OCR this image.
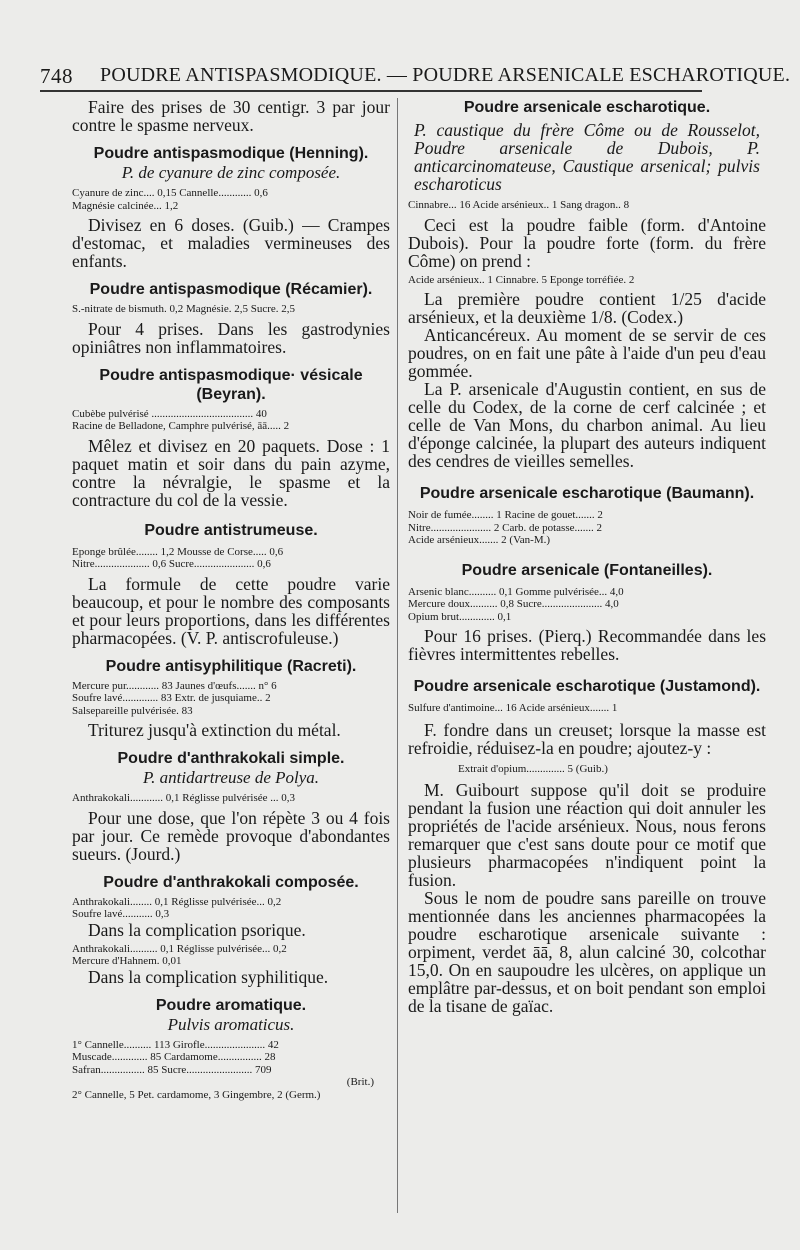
748 POUDRE ANTISPASMODIQUE. — POUDRE ARSENICALE ESCHAROTIQUE.

Faire des prises de 30 centigr. 3 par jour contre le spasme nerveux.

Poudre antispasmodique (Henning).

P. de cyanure de zinc composée.

Cyanure de zinc.... 0,15 Cannelle............ 0,6
Magnésie calcinée... 1,2

Divisez en 6 doses. (Guib.) — Crampes d'estomac, et maladies vermineuses des enfants.

Poudre antispasmodique (Récamier).

S.-nitrate de bismuth. 0,2 Magnésie. 2,5 Sucre. 2,5

Pour 4 prises. Dans les gastrodynies opiniâtres non inflammatoires.

Poudre antispasmodique· vésicale (Beyran).

Cubèbe pulvérisé ..................................... 40
Racine de Belladone, Camphre pulvérisé, āā..... 2

Mêlez et divisez en 20 paquets. Dose : 1 paquet matin et soir dans du pain azyme, contre la névralgie, le spasme et la contracture du col de la vessie.

Poudre antistrumeuse.

Eponge brûlée........ 1,2 Mousse de Corse..... 0,6
Nitre.................... 0,6 Sucre...................... 0,6

La formule de cette poudre varie beaucoup, et pour le nombre des composants et pour leurs proportions, dans les différentes pharmacopées. (V. P. antiscrofuleuse.)

Poudre antisyphilitique (Racreti).

Mercure pur............ 83 Jaunes d'œufs....... n° 6
Soufre lavé............. 83 Extr. de jusquiame.. 2
Salsepareille pulvérisée. 83

Triturez jusqu'à extinction du métal.

Poudre d'anthrakokali simple.

P. antidartreuse de Polya.

Anthrakokali............ 0,1 Réglisse pulvérisée ... 0,3

Pour une dose, que l'on répète 3 ou 4 fois par jour. Ce remède provoque d'abondantes sueurs. (Jourd.)

Poudre d'anthrakokali composée.

Anthrakokali........ 0,1 Réglisse pulvérisée... 0,2
Soufre lavé........... 0,3

Dans la complication psorique.

Anthrakokali.......... 0,1 Réglisse pulvérisée... 0,2
Mercure d'Hahnem. 0,01

Dans la complication syphilitique.

Poudre aromatique.

Pulvis aromaticus.

1° Cannelle.......... 113 Girofle...................... 42
Muscade............. 85 Cardamome................ 28
Safran................ 85 Sucre........................ 709
(Brit.)
2° Cannelle, 5 Pet. cardamome, 3 Gingembre, 2 (Germ.)

Poudre arsenicale escharotique.

P. caustique du frère Côme ou de Rousselot, Poudre arsenicale de Dubois, P. anticarcinomateuse, Caustique arsenical; pulvis escharoticus

Cinnabre... 16 Acide arsénieux.. 1 Sang dragon.. 8

Ceci est la poudre faible (form. d'Antoine Dubois). Pour la poudre forte (form. du frère Côme) on prend :

Acide arsénieux.. 1 Cinnabre. 5 Eponge torréfiée. 2

La première poudre contient 1/25 d'acide arsénieux, et la deuxième 1/8. (Codex.)

Anticancéreux. Au moment de se servir de ces poudres, on en fait une pâte à l'aide d'un peu d'eau gommée.

La P. arsenicale d'Augustin contient, en sus de celle du Codex, de la corne de cerf calcinée ; et celle de Van Mons, du charbon animal. Au lieu d'éponge calcinée, la plupart des auteurs indiquent des cendres de vieilles semelles.

Poudre arsenicale escharotique (Baumann).

Noir de fumée........ 1 Racine de gouet....... 2
Nitre...................... 2 Carb. de potasse....... 2
Acide arsénieux....... 2 (Van-M.)

Poudre arsenicale (Fontaneilles).

Arsenic blanc.......... 0,1 Gomme pulvérisée... 4,0
Mercure doux.......... 0,8 Sucre...................... 4,0
Opium brut............. 0,1

Pour 16 prises. (Pierq.) Recommandée dans les fièvres intermittentes rebelles.

Poudre arsenicale escharotique (Justamond).

Sulfure d'antimoine... 16 Acide arsénieux....... 1

F. fondre dans un creuset; lorsque la masse est refroidie, réduisez-la en poudre; ajoutez-y :

Extrait d'opium.............. 5 (Guib.)

M. Guibourt suppose qu'il doit se produire pendant la fusion une réaction qui doit annuler les propriétés de l'acide arsénieux. Nous, nous ferons remarquer que c'est sans doute pour ce motif que plusieurs pharmacopées n'indiquent point la fusion.

Sous le nom de poudre sans pareille on trouve mentionnée dans les anciennes pharmacopées la poudre escharotique arsenicale suivante : orpiment, verdet āā, 8, alun calciné 30, colcothar 15,0. On en saupoudre les ulcères, on applique un emplâtre par-dessus, et on boit pendant son emploi de la tisane de gaïac.
